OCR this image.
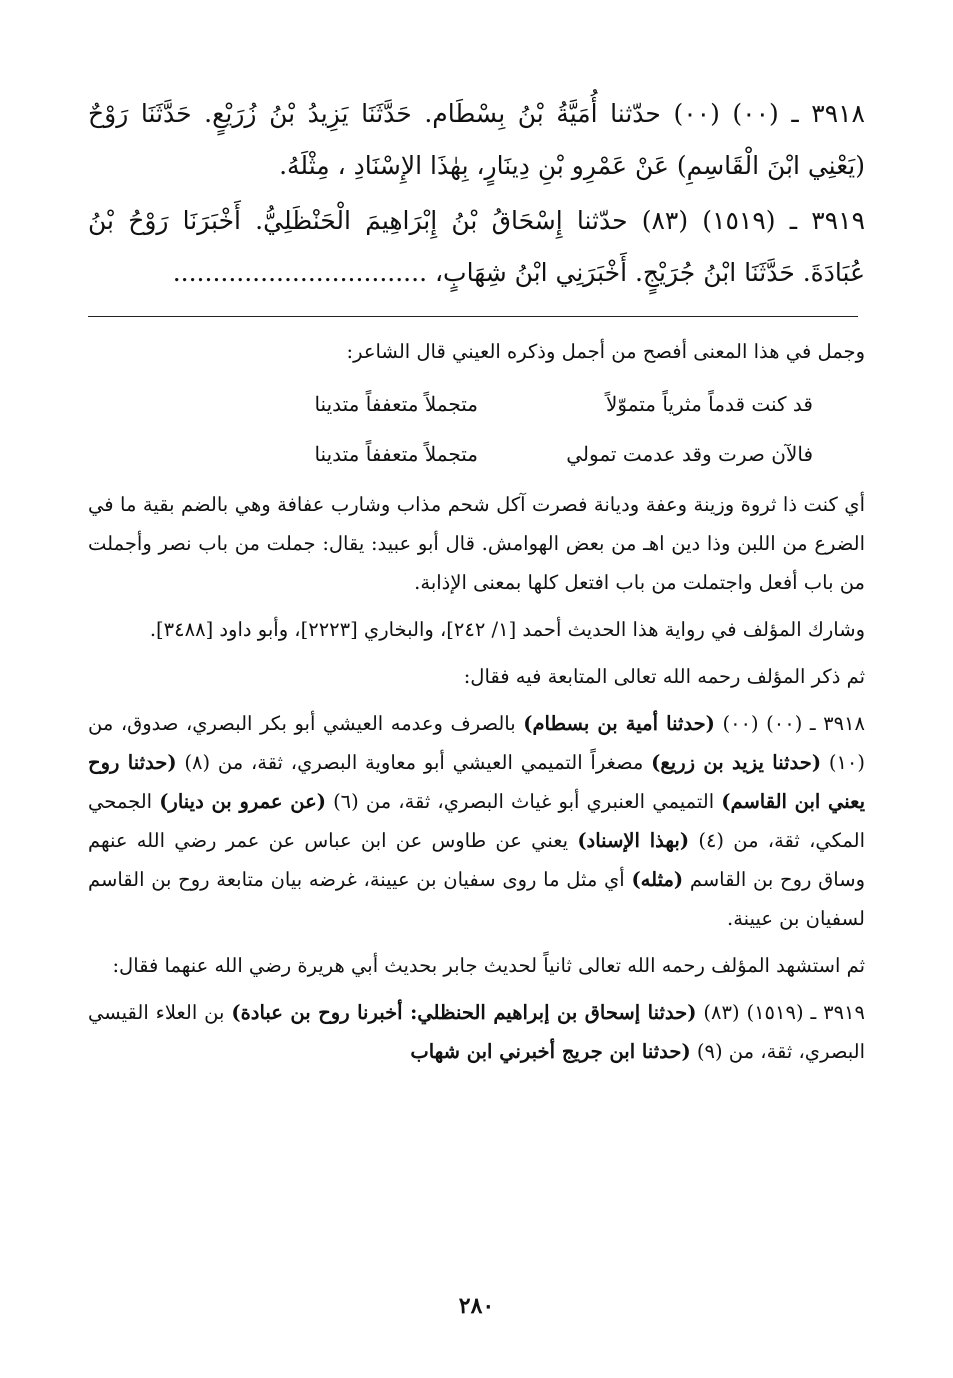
٣٩١٨ ـ (٠٠) (٠٠) حدّثنا أُمَيَّةُ بْنُ بِسْطَام. حَدَّثَنَا يَزِيدُ بْنُ زُرَيْعٍ. حَدَّثَنَا رَوْحٌ (يَعْنِي ابْنَ الْقَاسِمِ) عَنْ عَمْرِو بْنِ دِينَارٍ، بِهٰذَا الإِسْنَادِ ، مِثْلَهُ.

٣٩١٩ ـ (١٥١٩) (٨٣) حدّثنا إِسْحَاقُ بْنُ إِبْرَاهِيمَ الْحَنْظَلِيُّ. أَخْبَرَنَا رَوْحُ بْنُ عُبَادَةَ. حَدَّثَنَا ابْنُ جُرَيْجٍ. أَخْبَرَنِي ابْنُ شِهَابٍ، ................................

وجمل في هذا المعنى أفصح من أجمل وذكره العيني قال الشاعر:

قد كنت قدماً مثرياً متموّلاً
متجملاً متعففاً متدينا
فالآن صرت وقد عدمت تمولي
متجملاً متعففاً متدينا

أي كنت ذا ثروة وزينة وعفة وديانة فصرت آكل شحم مذاب وشارب عفافة وهي بالضم بقية ما في الضرع من اللبن وذا دين اهـ من بعض الهوامش. قال أبو عبيد: يقال: جملت من باب نصر وأجملت من باب أفعل واجتملت من باب افتعل كلها بمعنى الإذابة.

وشارك المؤلف في رواية هذا الحديث أحمد [١/ ٢٤٢]، والبخاري [٢٢٢٣]، وأبو داود [٣٤٨٨].

ثم ذكر المؤلف رحمه الله تعالى المتابعة فيه فقال:

٣٩١٨ ـ (٠٠) (٠٠) (حدثنا أمية بن بسطام) بالصرف وعدمه العيشي أبو بكر البصري، صدوق، من (١٠) (حدثنا يزيد بن زريع) مصغراً التميمي العيشي أبو معاوية البصري، ثقة، من (٨) (حدثنا روح يعني ابن القاسم) التميمي العنبري أبو غياث البصري، ثقة، من (٦) (عن عمرو بن دينار) الجمحي المكي، ثقة، من (٤) (بهذا الإسناد) يعني عن طاوس عن ابن عباس عن عمر رضي الله عنهم وساق روح بن القاسم (مثله) أي مثل ما روى سفيان بن عيينة، غرضه بيان متابعة روح بن القاسم لسفيان بن عيينة.

ثم استشهد المؤلف رحمه الله تعالى ثانياً لحديث جابر بحديث أبي هريرة رضي الله عنهما فقال:

٣٩١٩ ـ (١٥١٩) (٨٣) (حدثنا إسحاق بن إبراهيم الحنظلي: أخبرنا روح بن عبادة) بن العلاء القيسي البصري، ثقة، من (٩) (حدثنا ابن جريج أخبرني ابن شهاب

٢٨٠
